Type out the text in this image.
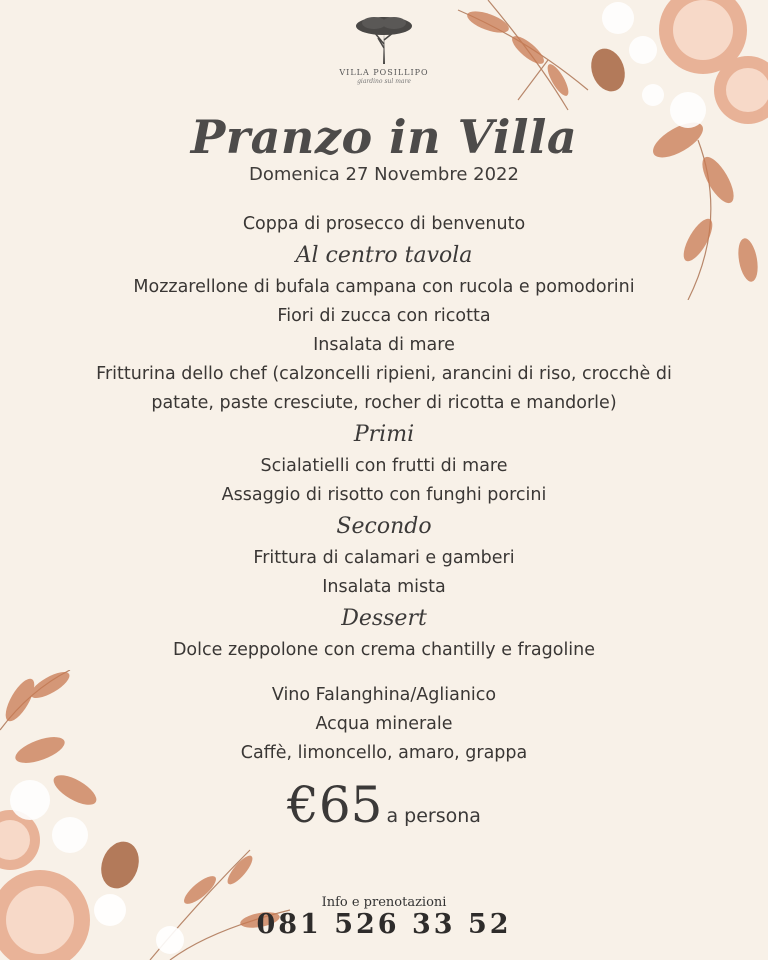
VILLA POSILLIPO
giardino sul mare
Pranzo in Villa
Domenica 27 Novembre 2022
Coppa di prosecco di benvenuto
Al centro tavola
Mozzarellone di bufala campana con rucola e pomodorini
Fiori di zucca con ricotta
Insalata di mare
Fritturina dello chef (calzoncelli ripieni, arancini di riso, crocchè di
patate, paste cresciute, rocher di ricotta e mandorle)
Primi
Scialatielli con frutti di mare
Assaggio di risotto con funghi porcini
Secondo
Frittura di calamari e gamberi
Insalata mista
Dessert
Dolce zeppolone con crema chantilly e fragoline
Vino Falanghina/Aglianico
Acqua minerale
Caffè, limoncello, amaro, grappa
€65 a persona
Info e prenotazioni
081 526 33 52
